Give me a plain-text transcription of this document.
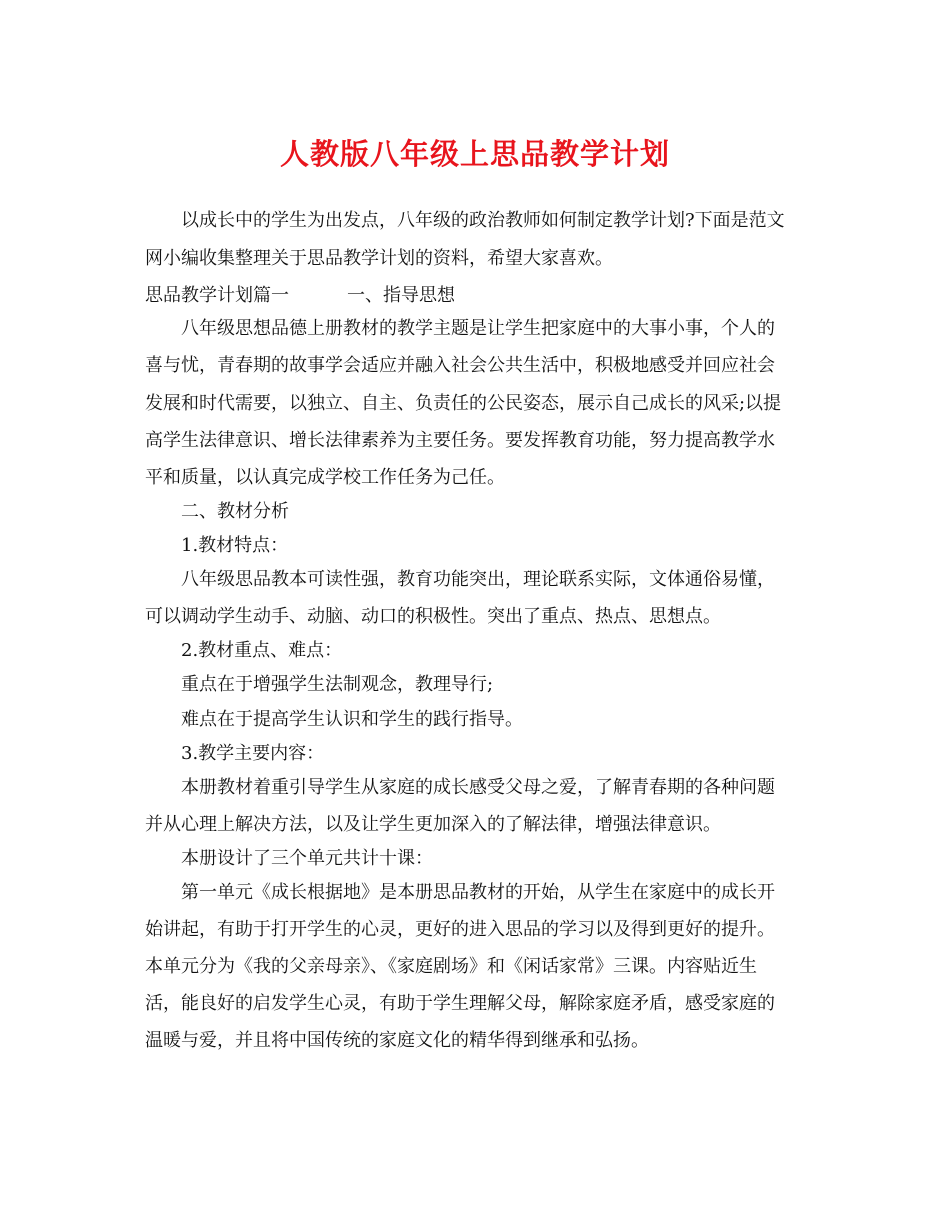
人教版八年级上思品教学计划
以成长中的学生为出发点，八年级的政治教师如何制定教学计划?下面是范文
网小编收集整理关于思品教学计划的资料，希望大家喜欢。
思品教学计划篇一	一、指导思想
八年级思想品德上册教材的教学主题是让学生把家庭中的大事小事，个人的
喜与忧，青春期的故事学会适应并融入社会公共生活中，积极地感受并回应社会
发展和时代需要，以独立、自主、负责任的公民姿态，展示自己成长的风采;以提
高学生法律意识、增长法律素养为主要任务。要发挥教育功能，努力提高教学水
平和质量，以认真完成学校工作任务为己任。
二、教材分析
1.教材特点：
八年级思品教本可读性强，教育功能突出，理论联系实际，文体通俗易懂，
可以调动学生动手、动脑、动口的积极性。突出了重点、热点、思想点。
2.教材重点、难点：
重点在于增强学生法制观念，教理导行;
难点在于提高学生认识和学生的践行指导。
3.教学主要内容：
本册教材着重引导学生从家庭的成长感受父母之爱，了解青春期的各种问题
并从心理上解决方法，以及让学生更加深入的了解法律，增强法律意识。
本册设计了三个单元共计十课：
第一单元《成长根据地》是本册思品教材的开始，从学生在家庭中的成长开
始讲起，有助于打开学生的心灵，更好的进入思品的学习以及得到更好的提升。
本单元分为《我的父亲母亲》、《家庭剧场》和《闲话家常》三课。内容贴近生
活，能良好的启发学生心灵，有助于学生理解父母，解除家庭矛盾，感受家庭的
温暖与爱，并且将中国传统的家庭文化的精华得到继承和弘扬。
